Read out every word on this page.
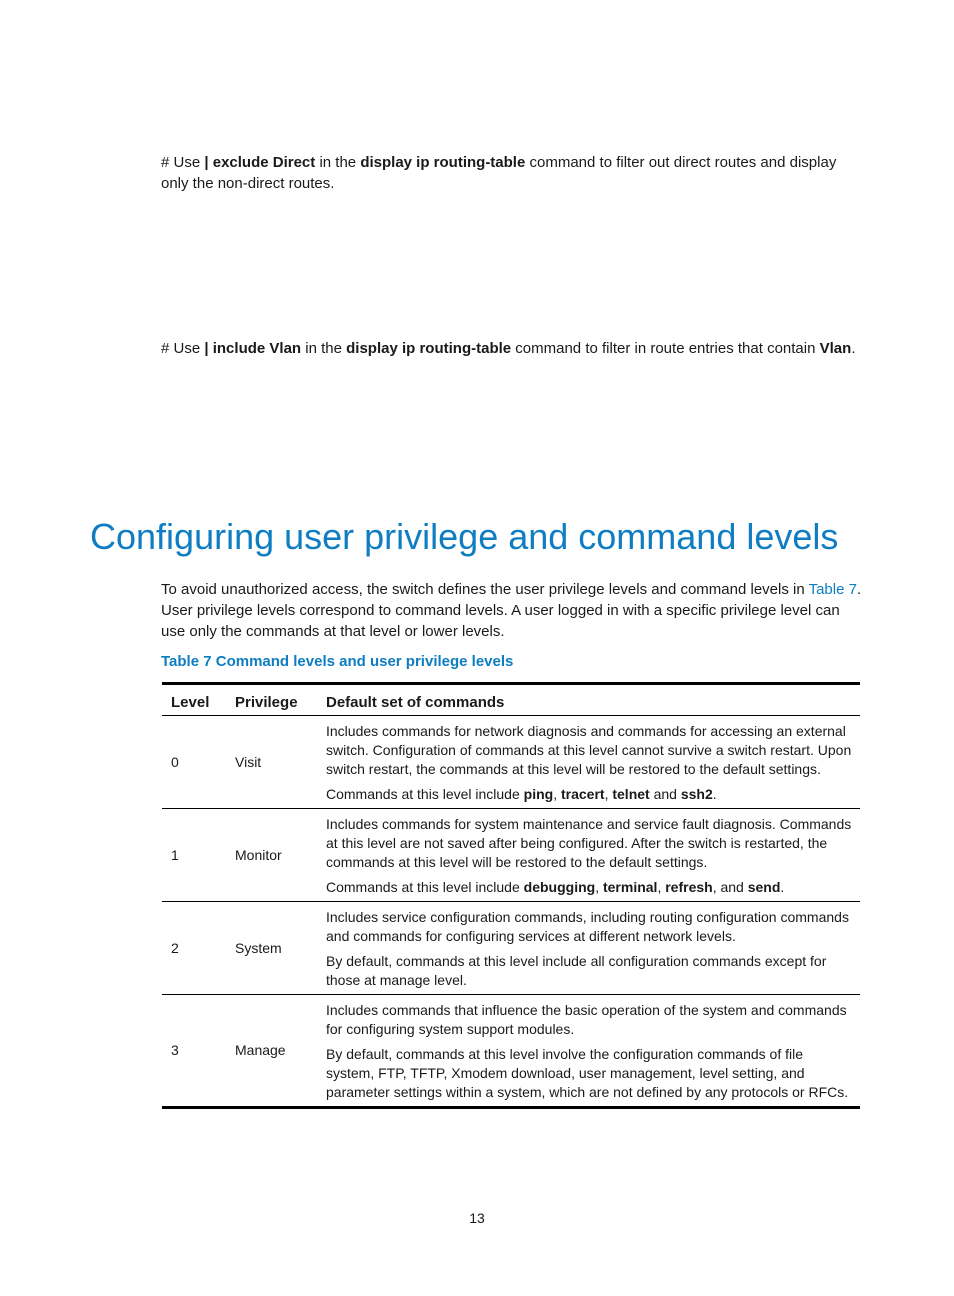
# Use | exclude Direct in the display ip routing-table command to filter out direct routes and display only the non-direct routes.

# Use | include Vlan in the display ip routing-table command to filter in route entries that contain Vlan.

Configuring user privilege and command levels

To avoid unauthorized access, the switch defines the user privilege levels and command levels in Table 7. User privilege levels correspond to command levels. A user logged in with a specific privilege level can use only the commands at that level or lower levels.

Table 7 Command levels and user privilege levels

Level	Privilege	Default set of commands
0	Visit	Includes commands for network diagnosis and commands for accessing an external switch. Configuration of commands at this level cannot survive a switch restart. Upon switch restart, the commands at this level will be restored to the default settings.

Commands at this level include ping, tracert, telnet and ssh2.

1	Monitor	Includes commands for system maintenance and service fault diagnosis. Commands at this level are not saved after being configured. After the switch is restarted, the commands at this level will be restored to the default settings.

Commands at this level include debugging, terminal, refresh, and send.

2	System	Includes service configuration commands, including routing configuration commands and commands for configuring services at different network levels.

By default, commands at this level include all configuration commands except for those at manage level.

3	Manage	Includes commands that influence the basic operation of the system and commands for configuring system support modules.

By default, commands at this level involve the configuration commands of file system, FTP, TFTP, Xmodem download, user management, level setting, and parameter settings within a system, which are not defined by any protocols or RFCs.

13
